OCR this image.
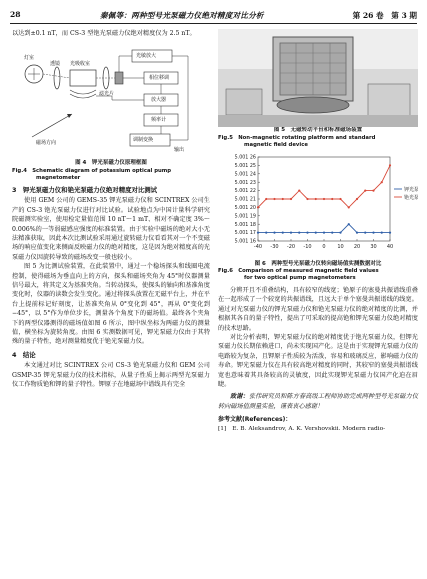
28	秦佩等：两种型号光泵磁力仪绝对精度对比分析	第 26 卷　第 3 期

以达到±0.1 nT，而 CS-3 型铯光泵磁力仪绝对精度仅为 2.5 nT。

灯室
透镜 光吸收室
滤光片
光敏放大
相位移调
放大器
频率计
调制变换
输出
磁场方向
图 4　钾光泵磁力仪原理框图
Fig.4　Schematic diagram of potassium optical pump
magnetometer
3　钾光泵磁力仪和铯光泵磁力仪绝对精度对比测试

使用 GEM 公司的 GEMS-35 钾光泵磁力仪和 SCINTREX 公司生产的 CS-3 铯光泵磁力仪进行对比试验。试验地点为中国计量科学研究院磁测实验室，使用检定量值范围 10 nT～1 mT、相对不确定度 3%～0.006%的一等弱磁感应强度的标准装置。由于实验中磁场的绝对大小无法精准获取，因此本次比测试验采用通过旋转磁力仪看看其对一个不变磁场的响应值变化来侧面反映磁力仪的绝对精度，这是因为绝对精度高的光泵磁力仪因旋转导致的磁场改变一般也较小。

图 5 为比测试验装置，在此装置中，通过一个稳场探头和线圈电流控制，使得磁场为垂直向上的方向，探头和磁场夹角为 45°时仪器测量信号最大，将其定义为基准夹角。当转动探头，使探头的轴向和基准角度变化时，仪器的读数会发生变化。通过将探头放置在无磁平台上，并在平台上提前标记好刻度，让基准夹角从 0°变化到 45°，再从 0°变化到 −45°，以 5°作为单位步长，测量各个角度下的磁场值。最终各个夹角下的两型仪器测得的磁场值如图 6 所示，图中纵坐标为两磁力仪的测量值，横坐标为旋转角度。由图 6 实测数据可见，钾光泵磁力仪由于其特殊的量子特性，绝对测量精度优于铯光泵磁力仪。

4　结论

本文通过对比 SCINTREX 公司 CS-3 铯光泵磁力仪和 GEM 公司 GSMP-35 钾光泵磁力仪的技术指标，从量子性质上揭示两型光泵磁力仪工作物质铯和钾的量子特性。钾原子在地磁场中谱线具有完全

图 5　无磁转动平台和标准磁场装置
Fig.5　Non-magnetic rotating platform and standard
magnetic field device
5.001 26
5.001 25
5.001 24
5.001 23
5.001 22
5.001 21
5.001 20
5.001 19
5.001 18
5.001 17
5.001 16
-40 -30 -20 -10 0 10 20 30 40
钾光泵
铯光泵
图 6　两种型号光泵磁力仪转向磁场值实测数据对比
Fig.6　Comparison of measured magnetic field values
for two optical pump magnetometers

分辨开且不重叠结构，具有较窄的线宽；铯原子的塞曼共振谱线重叠在一起形成了一个较宽的共振谱线，且远大于单个塞曼共振谱线的线宽。通过对光泵磁力仪的钾光泵磁力仪和铯光泵磁力仪的绝对精度的比测，并根据其各自的量子特性，提出了可采取的提高铯和钾光泵磁力仪绝对精度的技术思路。

对比分析表明，钾光泵磁力仪的绝对精度优于铯光泵磁力仪，但钾光泵磁力仪长期依赖进口，尚未实现国产化。这是由于实现钾光泵磁力仪的电路较为复杂，且钾原子性质较为活泼，容易和玻璃反应，影响磁力仪的寿命。钾光泵磁力仪在具有较高绝对精度的同时，其较窄的塞曼共振谱线宽也意味着其具备较高的灵敏度，因此实现钾光泵磁力仪国产化迫在眉睫。

致谢：张伟研究员和陈方春高级工程师协助完成两种型号光泵磁力仪转向磁场值测量实验，谨表衷心感谢！

参考文献(References)：
[1]　E. B. Aleksandrov, A. K. Vershovskii. Modern radio-
